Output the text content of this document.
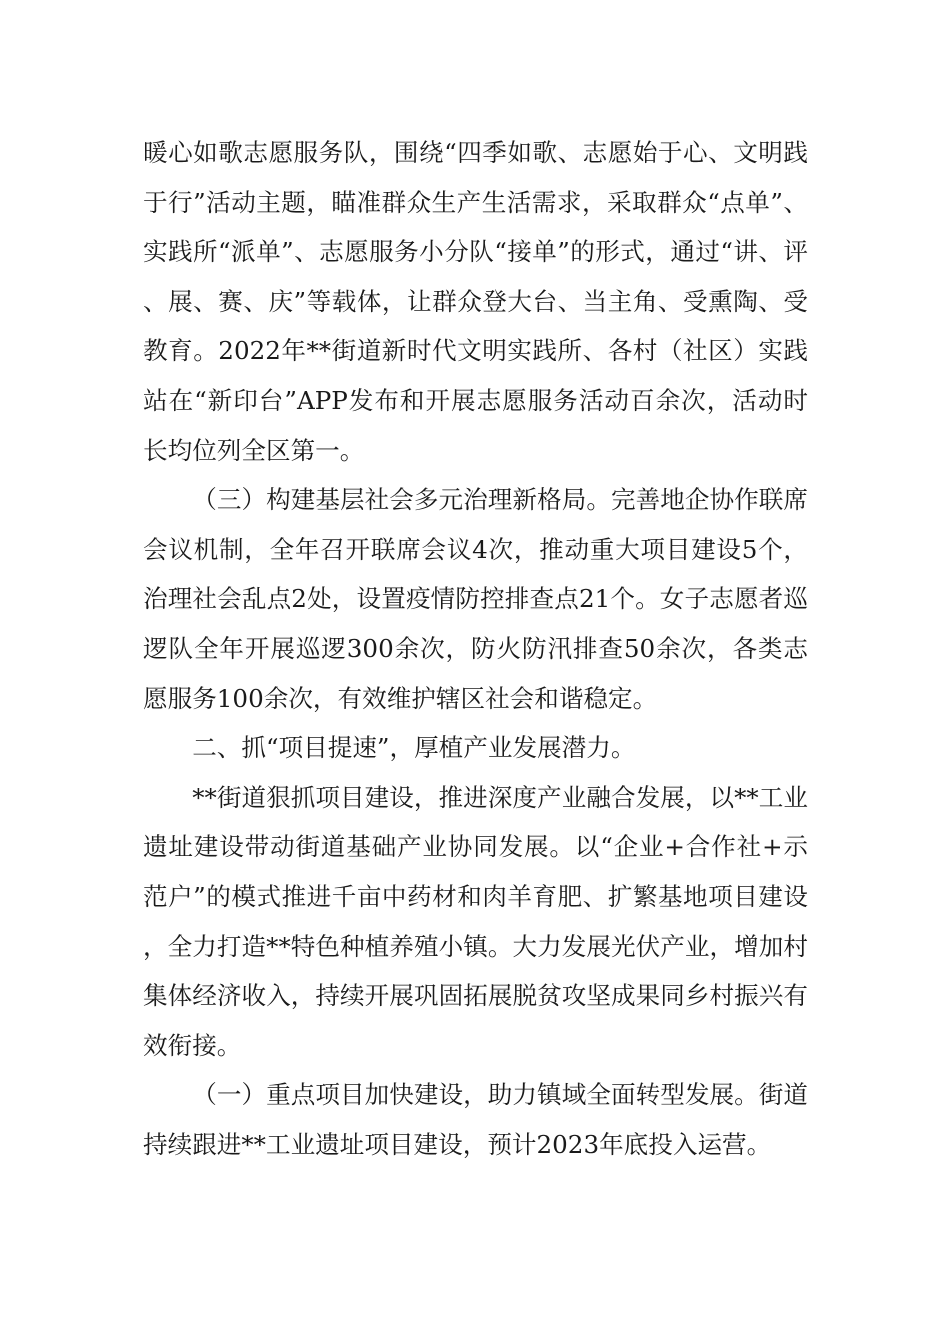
暖心如歌志愿服务队，围绕“四季如歌、志愿始于心、文明践于行”活动主题，瞄准群众生产生活需求，采取群众“点单”、实践所“派单”、志愿服务小分队“接单”的形式，通过“讲、评、展、赛、庆”等载体，让群众登大台、当主角、受熏陶、受教育。2022年**街道新时代文明实践所、各村（社区）实践站在“新印台”APP发布和开展志愿服务活动百余次，活动时长均位列全区第一。

（三）构建基层社会多元治理新格局。完善地企协作联席会议机制，全年召开联席会议4次，推动重大项目建设5个，治理社会乱点2处，设置疫情防控排查点21个。女子志愿者巡逻队全年开展巡逻300余次，防火防汛排查50余次，各类志愿服务100余次，有效维护辖区社会和谐稳定。

二、抓“项目提速”，厚植产业发展潜力。

**街道狠抓项目建设，推进深度产业融合发展，以**工业遗址建设带动街道基础产业协同发展。以“企业+合作社+示范户”的模式推进千亩中药材和肉羊育肥、扩繁基地项目建设，全力打造**特色种植养殖小镇。大力发展光伏产业，增加村集体经济收入，持续开展巩固拓展脱贫攻坚成果同乡村振兴有效衔接。

（一）重点项目加快建设，助力镇域全面转型发展。街道持续跟进**工业遗址项目建设，预计2023年底投入运营。
